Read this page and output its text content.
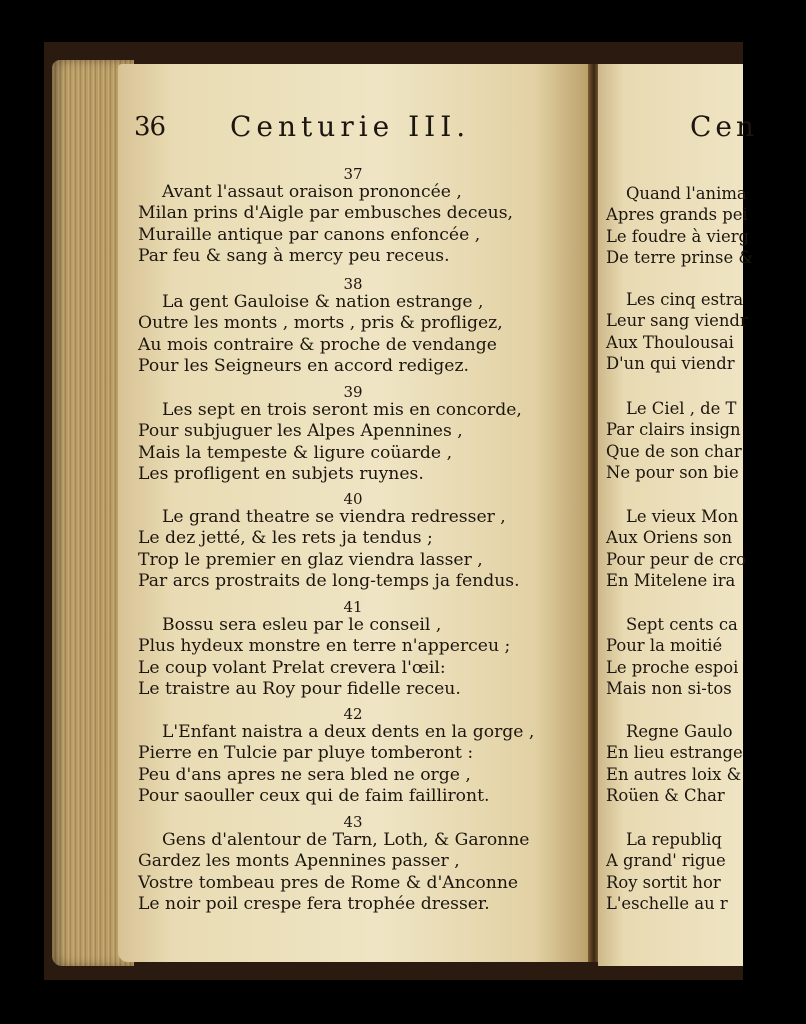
36 Centurie III.
37
Avant l'assaut oraison prononcée ,
Milan prins d'Aigle par embusches deceus,
Muraille antique par canons enfoncée ,
Par feu & sang à mercy peu receus.
38
La gent Gauloise & nation estrange ,
Outre les monts , morts , pris & profligez,
Au mois contraire & proche de vendange
Pour les Seigneurs en accord redigez.
39
Les sept en trois seront mis en concorde,
Pour subjuguer les Alpes Apennines ,
Mais la tempeste & ligure coüarde ,
Les profligent en subjets ruynes.
40
Le grand theatre se viendra redresser ,
Le dez jetté, & les rets ja tendus ;
Trop le premier en glaz viendra lasser ,
Par arcs prostraits de long-temps ja fendus.
41
Bossu sera esleu par le conseil ,
Plus hydeux monstre en terre n'apperceu ;
Le coup volant Prelat crevera l'œil:
Le traistre au Roy pour fidelle receu.
42
L'Enfant naistra a deux dents en la gorge ,
Pierre en Tulcie par pluye tomberont :
Peu d'ans apres ne sera bled ne orge ,
Pour saouller ceux qui de faim failliront.
43
Gens d'alentour de Tarn, Loth, & Garonne
Gardez les monts Apennines passer ,
Vostre tombeau pres de Rome & d'Anconne
Le noir poil crespe fera trophée dresser.
Cen
Quand l'anima
Apres grands pei
Le foudre à vierg
De terre prinse &
Les cinq estra
Leur sang viendr
Aux Thoulousai
D'un qui viendr
Le Ciel , de T
Par clairs insign
Que de son char
Ne pour son bie
Le vieux Mon
Aux Oriens son
Pour peur de cro
En Mitelene ira
Sept cents ca
Pour la moitié
Le proche espoi
Mais non si-tos
Regne Gaulo
En lieu estrange
En autres loix &
Roüen & Char
La republiq
A grand' rigue
Roy sortit hor
L'eschelle au r
